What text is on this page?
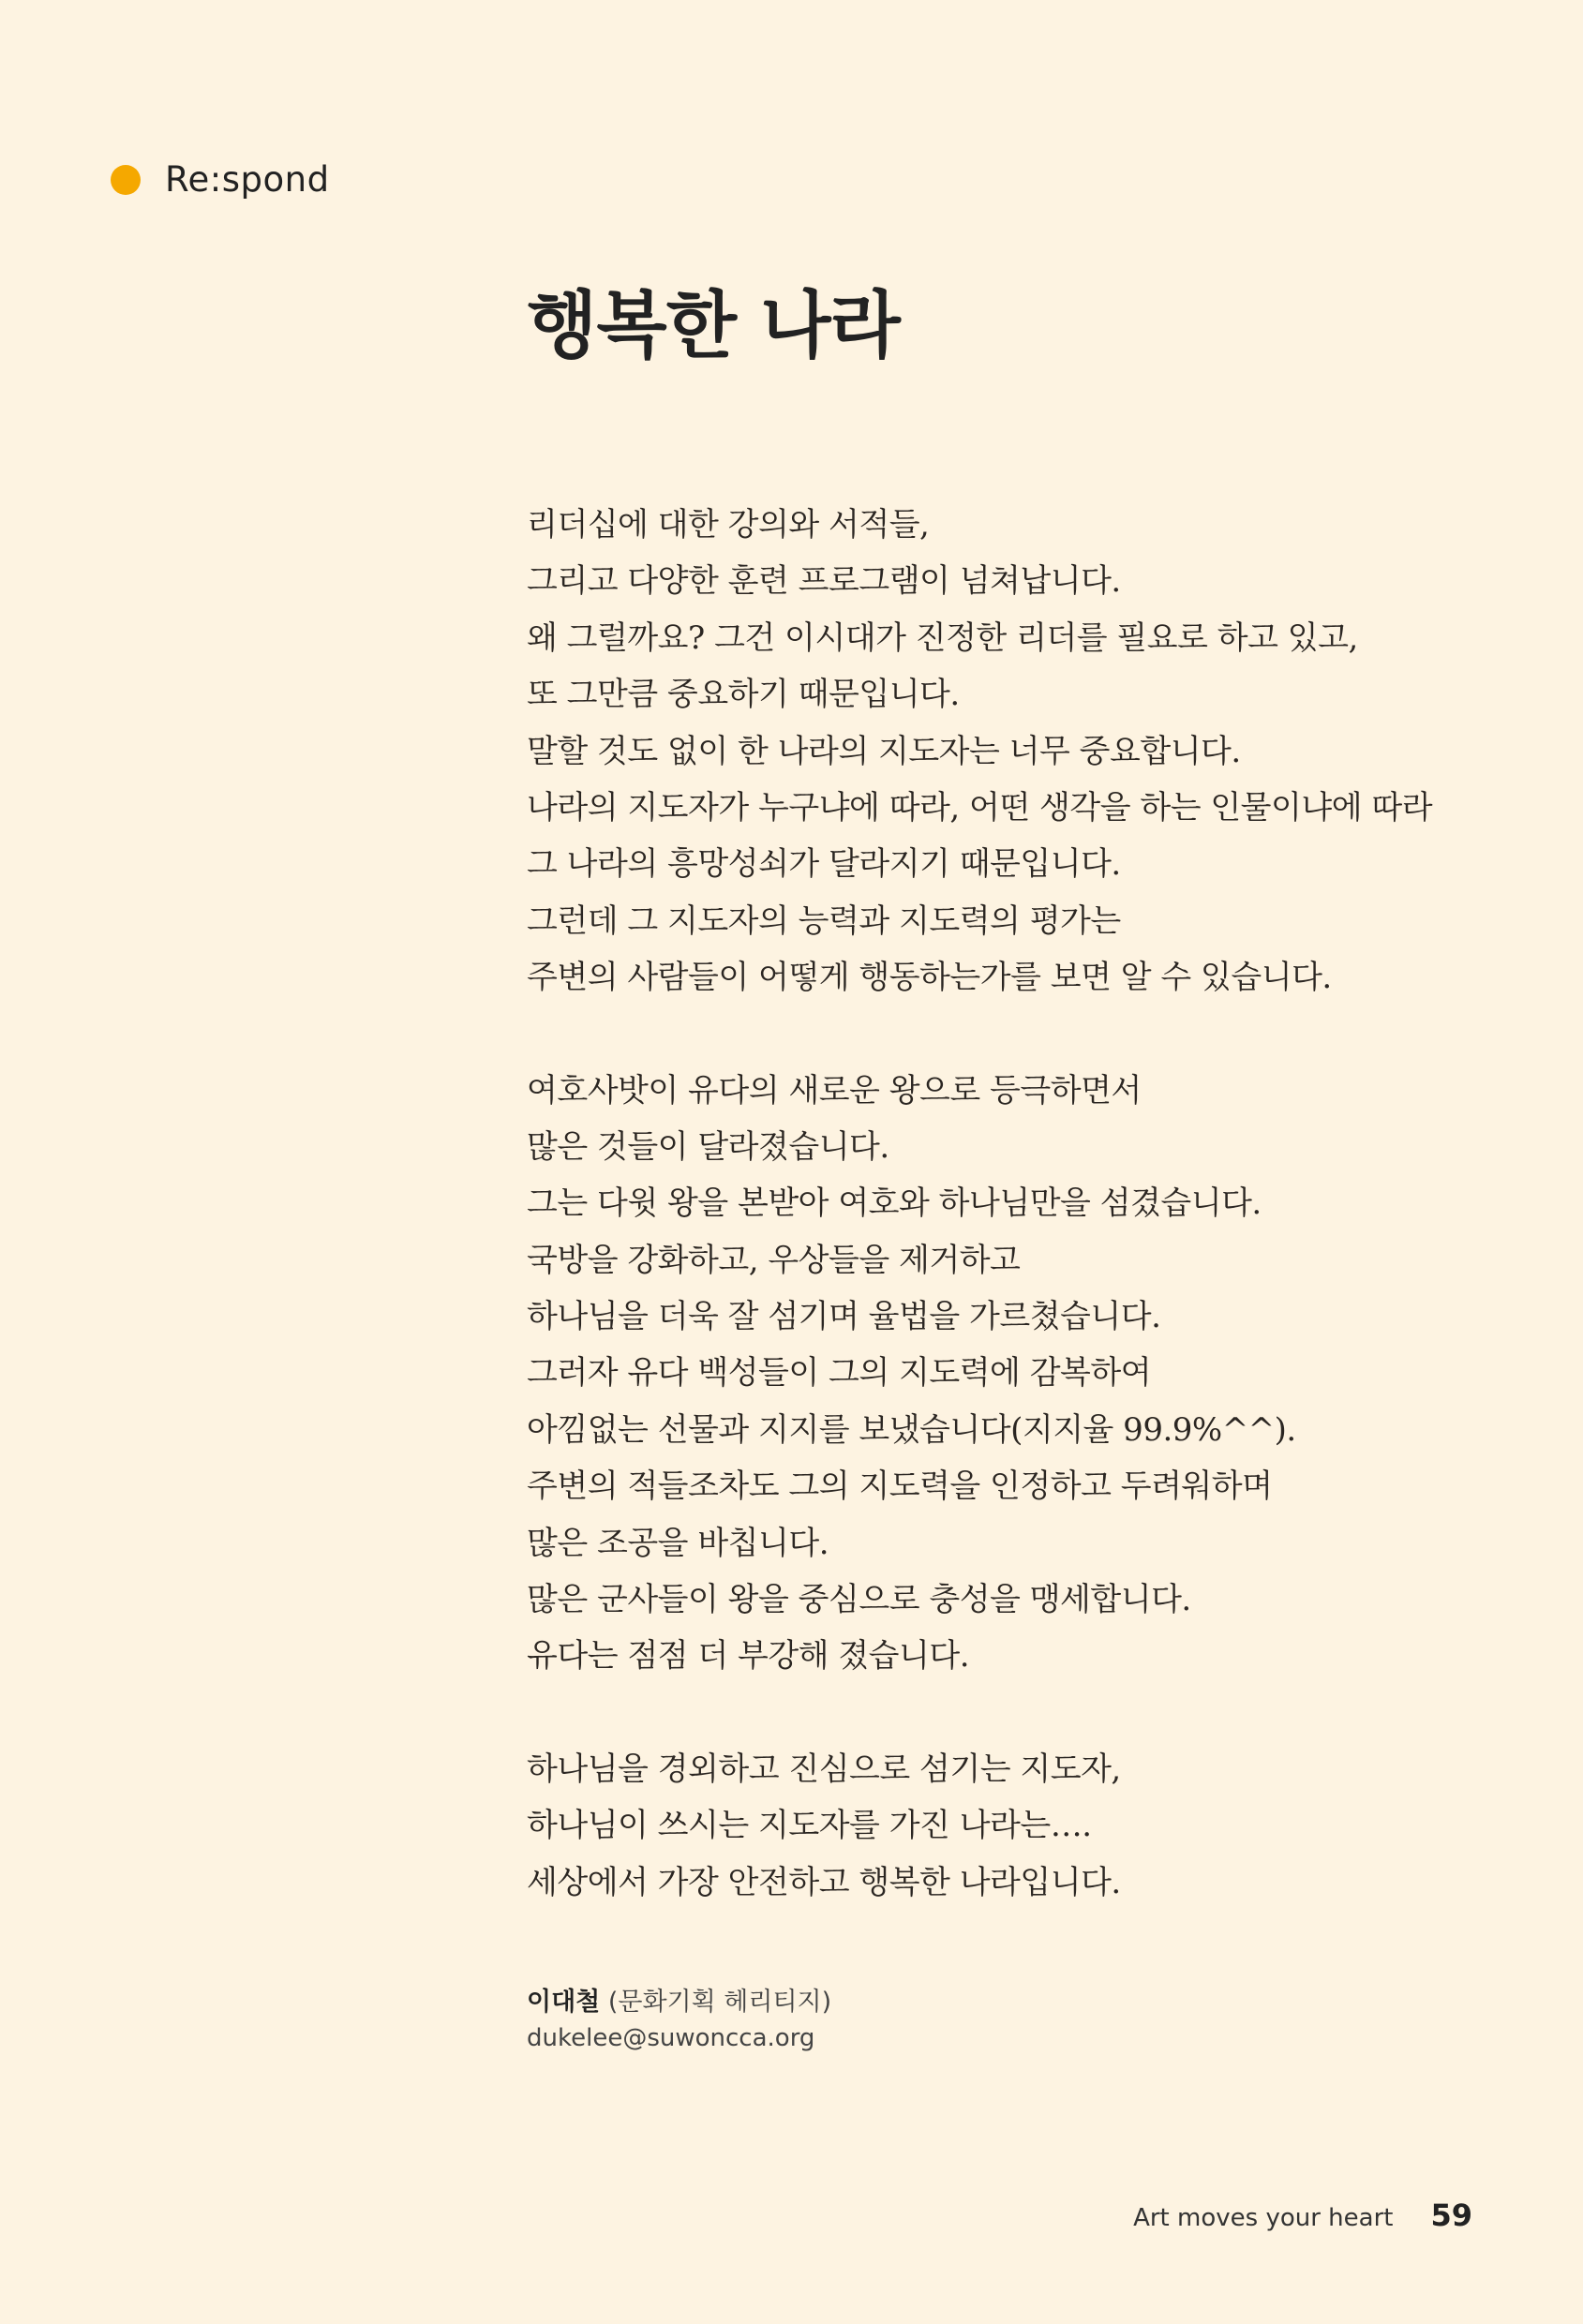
Re:spond
행복한 나라
리더십에 대한 강의와 서적들,
그리고 다양한 훈련 프로그램이 넘쳐납니다.
왜 그럴까요? 그건 이시대가 진정한 리더를 필요로 하고 있고,
또 그만큼 중요하기 때문입니다.
말할 것도 없이 한 나라의 지도자는 너무 중요합니다.
나라의 지도자가 누구냐에 따라, 어떤 생각을 하는 인물이냐에 따라
그 나라의 흥망성쇠가 달라지기 때문입니다.
그런데 그 지도자의 능력과 지도력의 평가는
주변의 사람들이 어떻게 행동하는가를 보면 알 수 있습니다.
여호사밧이 유다의 새로운 왕으로 등극하면서
많은 것들이 달라졌습니다.
그는 다윗 왕을 본받아 여호와 하나님만을 섬겼습니다.
국방을 강화하고, 우상들을 제거하고
하나님을 더욱 잘 섬기며 율법을 가르쳤습니다.
그러자 유다 백성들이 그의 지도력에 감복하여
아낌없는 선물과 지지를 보냈습니다(지지율 99.9%^^).
주변의 적들조차도 그의 지도력을 인정하고 두려워하며
많은 조공을 바칩니다.
많은 군사들이 왕을 중심으로 충성을 맹세합니다.
유다는 점점 더 부강해 졌습니다.
하나님을 경외하고 진심으로 섬기는 지도자,
하나님이 쓰시는 지도자를 가진 나라는….
세상에서 가장 안전하고 행복한 나라입니다.
이대철 (문화기획 헤리티지)
dukelee@suwoncca.org
Art moves your heart 59
